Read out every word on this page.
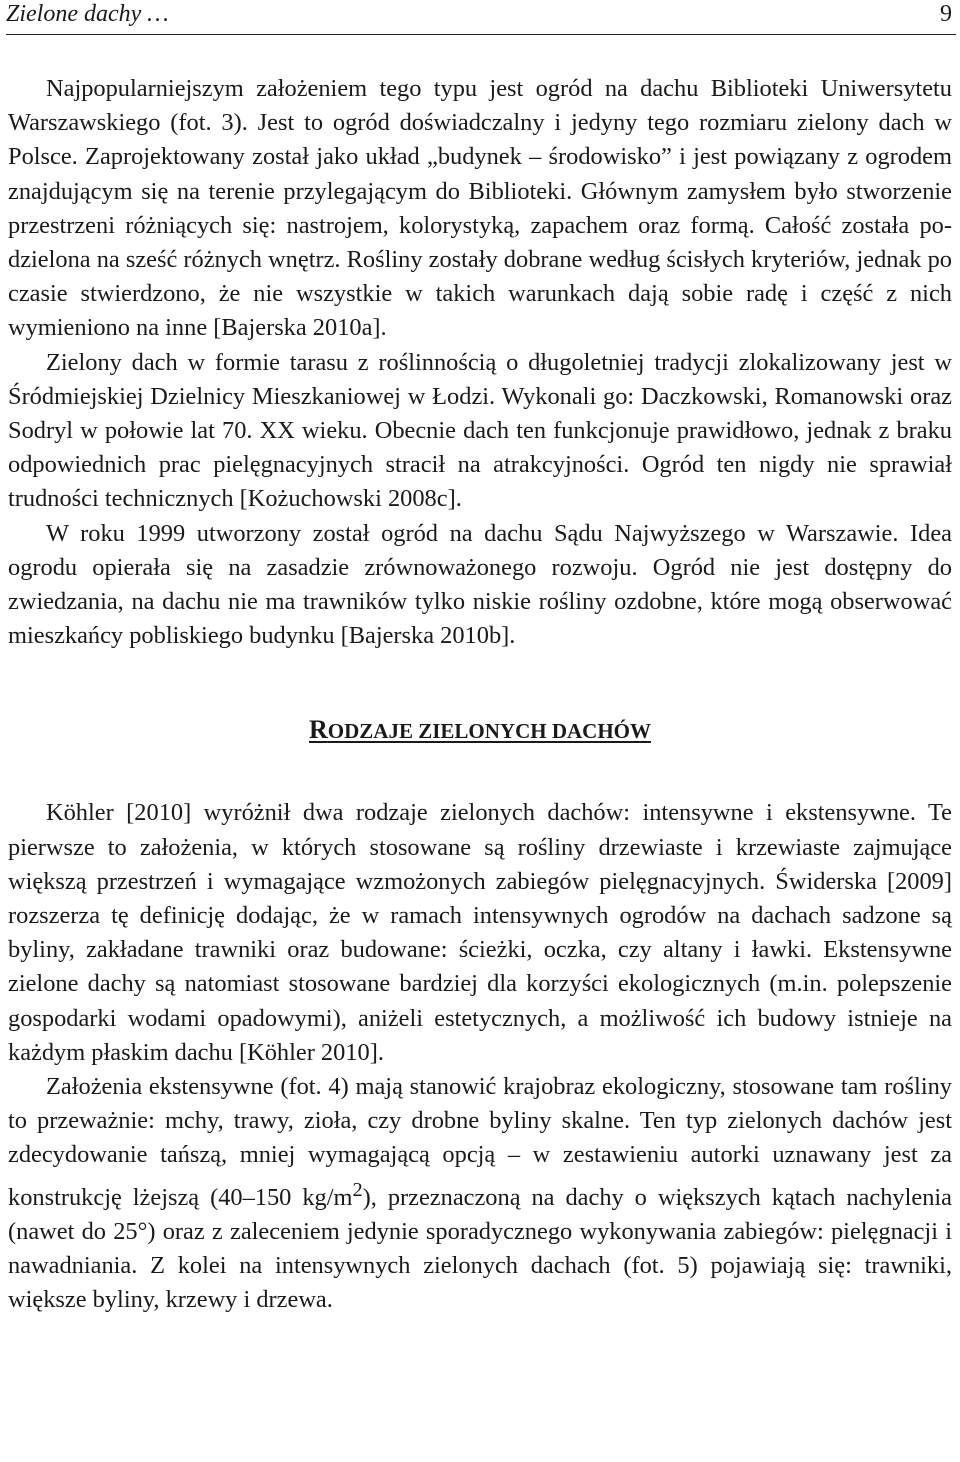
Zielone dachy …	9

Najpopularniejszym założeniem tego typu jest ogród na dachu Biblioteki Uniwersytetu Warszawskiego (fot. 3). Jest to ogród doświadczalny i jedyny tego rozmiaru zielony dach w Polsce. Zaprojektowany został jako układ „budynek – środowisko” i jest powiązany z ogrodem znajdującym się na terenie przylegającym do Biblioteki. Głównym zamysłem było stworzenie przestrzeni różniących się: nastrojem, kolorystyką, zapachem oraz formą. Całość została podzielona na sześć różnych wnętrz. Rośliny zostały dobrane według ścisłych kryteriów, jednak po czasie stwierdzono, że nie wszystkie w takich warunkach dają sobie radę i część z nich wymieniono na inne [Bajerska 2010a].

Zielony dach w formie tarasu z roślinnością o długoletniej tradycji zlokalizowany jest w Śródmiejskiej Dzielnicy Mieszkaniowej w Łodzi. Wykonali go: Daczkowski, Romanowski oraz Sodryl w połowie lat 70. XX wieku. Obecnie dach ten funkcjonuje prawidłowo, jednak z braku odpowiednich prac pielęgnacyjnych stracił na atrakcyjności. Ogród ten nigdy nie sprawiał trudności technicznych [Kożuchowski 2008c].

W roku 1999 utworzony został ogród na dachu Sądu Najwyższego w Warszawie. Idea ogrodu opierała się na zasadzie zrównoważonego rozwoju. Ogród nie jest dostępny do zwiedzania, na dachu nie ma trawników tylko niskie rośliny ozdobne, które mogą obserwować mieszkańcy pobliskiego budynku [Bajerska 2010b].

RODZAJE ZIELONYCH DACHÓW

Köhler [2010] wyróżnił dwa rodzaje zielonych dachów: intensywne i ekstensywne. Te pierwsze to założenia, w których stosowane są rośliny drzewiaste i krzewiaste zajmujące większą przestrzeń i wymagające wzmożonych zabiegów pielęgnacyjnych. Świderska [2009] rozszerza tę definicję dodając, że w ramach intensywnych ogrodów na dachach sadzone są byliny, zakładane trawniki oraz budowane: ścieżki, oczka, czy altany i ławki. Ekstensywne zielone dachy są natomiast stosowane bardziej dla korzyści ekologicznych (m.in. polepszenie gospodarki wodami opadowymi), aniżeli estetycznych, a możliwość ich budowy istnieje na każdym płaskim dachu [Köhler 2010].

Założenia ekstensywne (fot. 4) mają stanowić krajobraz ekologiczny, stosowane tam rośliny to przeważnie: mchy, trawy, zioła, czy drobne byliny skalne. Ten typ zielonych dachów jest zdecydowanie tańszą, mniej wymagającą opcją – w zestawieniu autorki uznawany jest za konstrukcję lżejszą (40–150 $kg/m^2$), przeznaczoną na dachy o większych kątach nachylenia (nawet do 25°) oraz z zaleceniem jedynie sporadycznego wykonywania zabiegów: pielęgnacji i nawadniania. Z kolei na intensywnych zielonych dachach (fot. 5) pojawiają się: trawniki, większe byliny, krzewy i drzewa.
